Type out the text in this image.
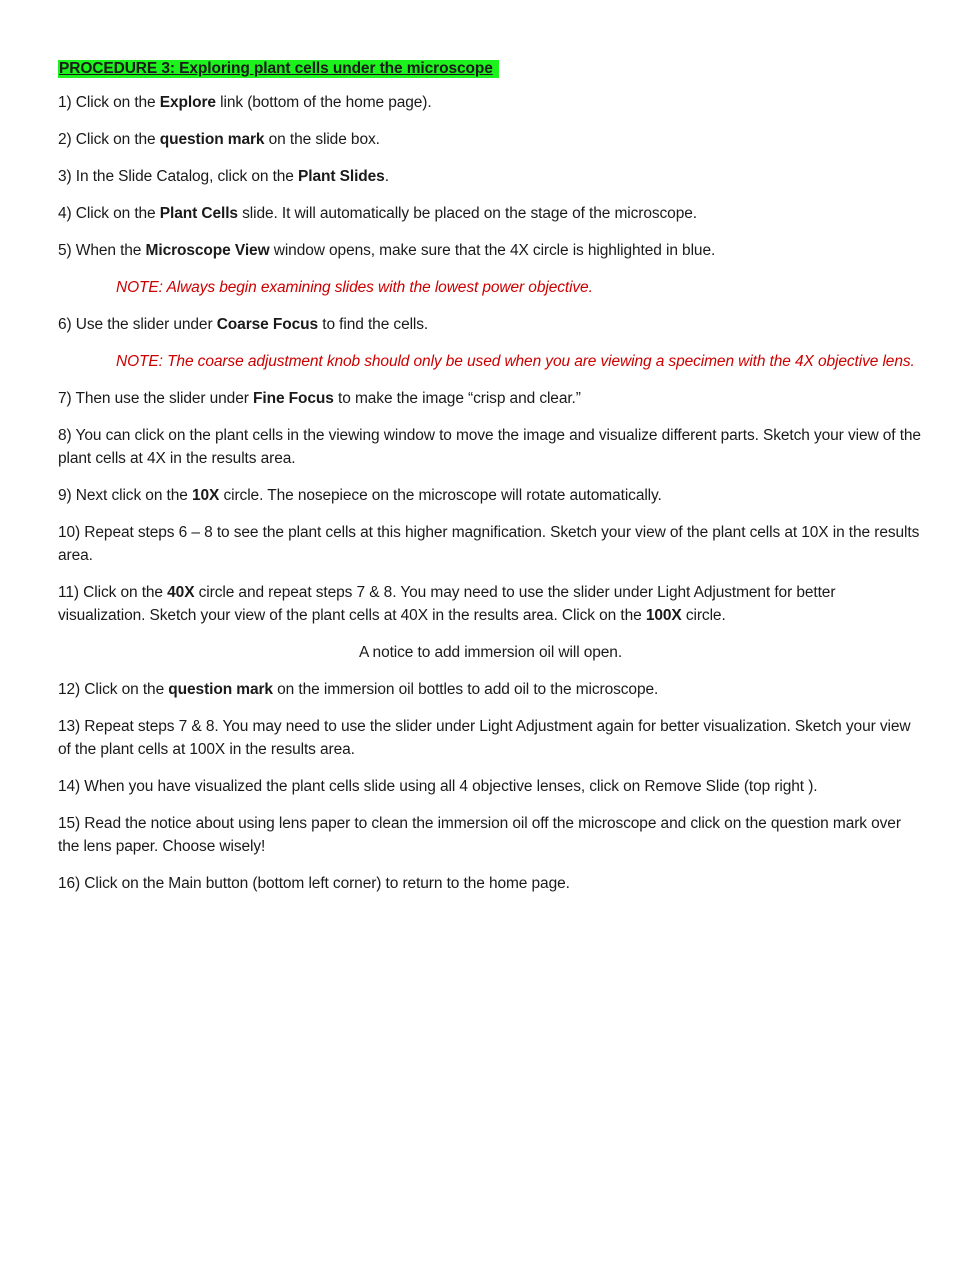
PROCEDURE 3: Exploring plant cells under the microscope

1) Click on the Explore link (bottom of the home page).

2) Click on the question mark on the slide box.

3) In the Slide Catalog, click on the Plant Slides.

4) Click on the Plant Cells slide. It will automatically be placed on the stage of the microscope.

5) When the Microscope View window opens, make sure that the 4X circle is highlighted in blue.

NOTE: Always begin examining slides with the lowest power objective.

6) Use the slider under Coarse Focus to find the cells.

NOTE: The coarse adjustment knob should only be used when you are viewing a specimen with the 4X objective lens.

7) Then use the slider under Fine Focus to make the image “crisp and clear.”

8) You can click on the plant cells in the viewing window to move the image and visualize different parts. Sketch your view of the plant cells at 4X in the results area.

9) Next click on the 10X circle. The nosepiece on the microscope will rotate automatically.

10) Repeat steps 6 – 8 to see the plant cells at this higher magnification. Sketch your view of the plant cells at 10X in the results area.

11) Click on the 40X circle and repeat steps 7 & 8. You may need to use the slider under Light Adjustment for better visualization. Sketch your view of the plant cells at 40X in the results area. Click on the 100X circle.

A notice to add immersion oil will open.

12) Click on the question mark on the immersion oil bottles to add oil to the microscope.

13) Repeat steps 7 & 8. You may need to use the slider under Light Adjustment again for better visualization. Sketch your view of the plant cells at 100X in the results area.

14) When you have visualized the plant cells slide using all 4 objective lenses, click on Remove Slide (top right ).

15) Read the notice about using lens paper to clean the immersion oil off the microscope and click on the question mark over the lens paper. Choose wisely!

16) Click on the Main button (bottom left corner) to return to the home page.
